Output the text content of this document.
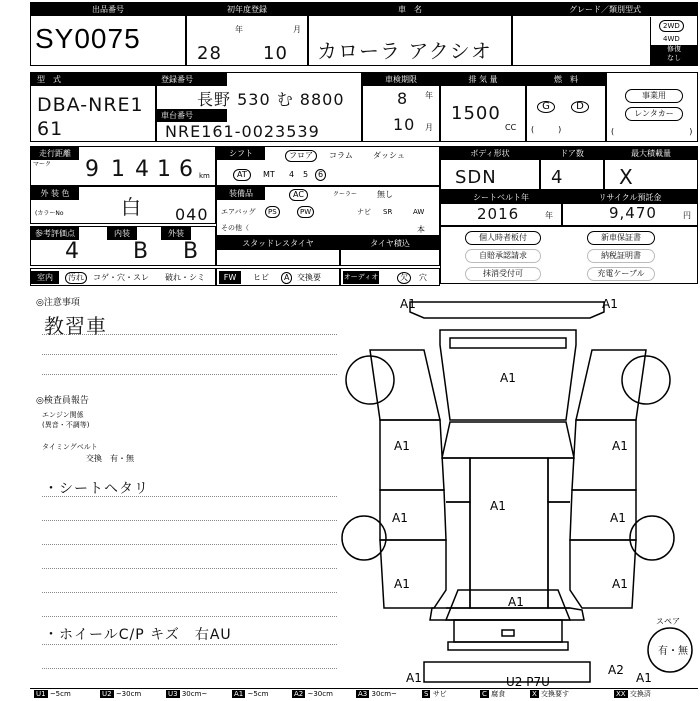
出品番号
SY0075
初年度登録
年	月
28 10
車　名
カローラ アクシオ
グレード／類別型式
2WD
4WD
修復
なし
型　式
DBA-NRE161
登録番号
長野 530 む 8800
車台番号
NRE161-0023539
車検期限
8 年
10 月
排 気 量
1500
CC
燃　料
G	D
(　　　)
事業用
レンタカー
(	)
走行距離
マーク 9 1 4 1 6 km
シフト	フロア	コラム	ダッシュ
AT	MT 4 5	6
ボディ形状
SDN
ドア数
4
最大積載量
X
外 装 色
白
(カラーNo	040
装備品	AC	クーラー 無し
エアバッグ	PS	PW	ナビ SR	AW
その他（
シートベルト年
2016	年
リサイクル預託金
9,470	円
参考評価点	内装	外装
4 B B	スタッドレスタイヤ	タイヤ積込
本
個人時者板付	新車保証書
自賠承認請求	納税証明書
抹消受付可	充電ケーブル
室内	汚れ	コゲ・穴・スレ 破れ・シミ	FW	ヒビ	A 交換要	オーディオ	欠	穴
◎注意事項
教習車
◎検査員報告
エンジン関係
(異音・不調等)
タイミングベルト
交換　有・無
・シートヘタリ
・ホイールC/P キズ　右AU
A1	A1
A1
A1	A1
A1
A1	A1
A1	A1
A1
A1	A1
U2 P7U
A2
スペア
有・無
U1 ~5cm	U2 ~30cm	U3 30cm~	A1 ~5cm	A2 ~30cm	A3 30cm~	S サビ	C 腐食	X 交換要す	XX 交換済
